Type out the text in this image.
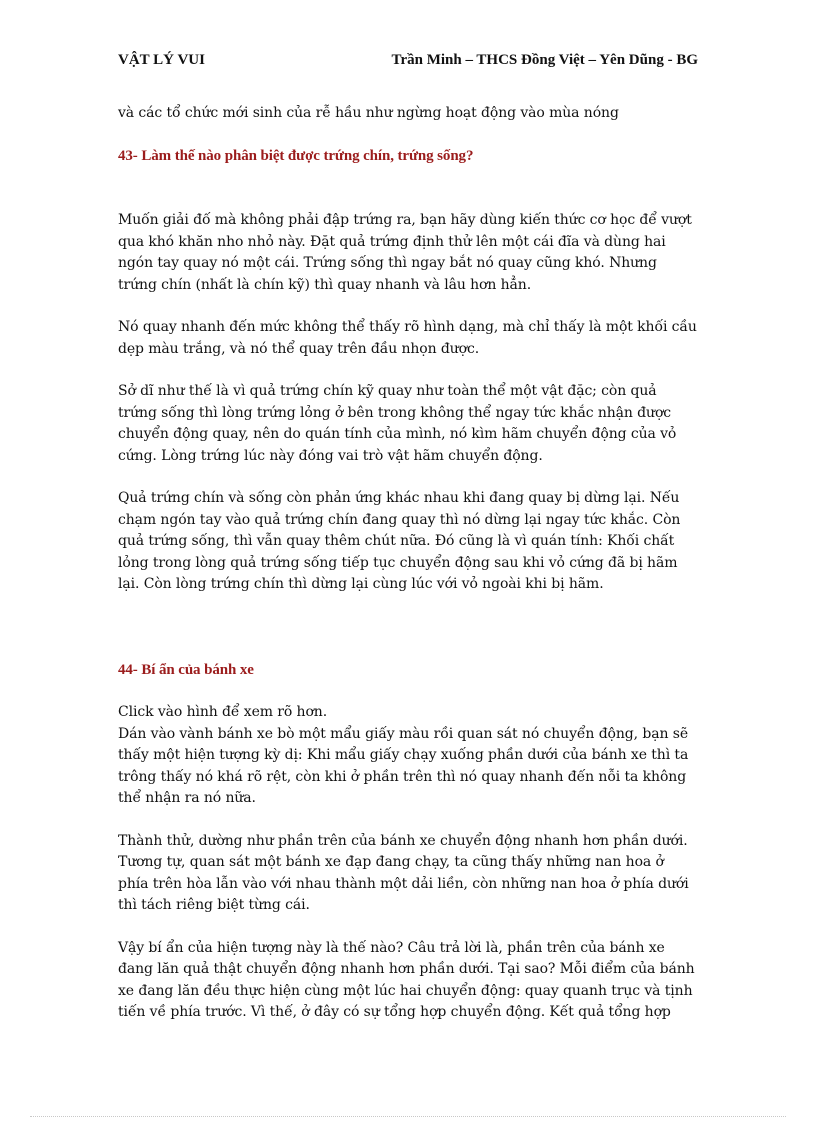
VẬT LÝ VUI	Trần Minh – THCS Đồng Việt – Yên Dũng - BG

và các tổ chức mới sinh của rễ hầu như ngừng hoạt động vào mùa nóng

43- Làm thế nào phân biệt được trứng chín, trứng sống?

Muốn giải đố mà không phải đập trứng ra, bạn hãy dùng kiến thức cơ học để vượt qua khó khăn nho nhỏ này. Đặt quả trứng định thử lên một cái đĩa và dùng hai ngón tay quay nó một cái. Trứng sống thì ngay bắt nó quay cũng khó. Nhưng trứng chín (nhất là chín kỹ) thì quay nhanh và lâu hơn hẳn.

Nó quay nhanh đến mức không thể thấy rõ hình dạng, mà chỉ thấy là một khối cầu dẹp màu trắng, và nó thể quay trên đầu nhọn được.

Sở dĩ như thế là vì quả trứng chín kỹ quay như toàn thể một vật đặc; còn quả trứng sống thì lòng trứng lỏng ở bên trong không thể ngay tức khắc nhận được chuyển động quay, nên do quán tính của mình, nó kìm hãm chuyển động của vỏ cứng. Lòng trứng lúc này đóng vai trò vật hãm chuyển động.

Quả trứng chín và sống còn phản ứng khác nhau khi đang quay bị dừng lại. Nếu chạm ngón tay vào quả trứng chín đang quay thì nó dừng lại ngay tức khắc. Còn quả trứng sống, thì vẫn quay thêm chút nữa. Đó cũng là vì quán tính: Khối chất lỏng trong lòng quả trứng sống tiếp tục chuyển động sau khi vỏ cứng đã bị hãm lại. Còn lòng trứng chín thì dừng lại cùng lúc với vỏ ngoài khi bị hãm.

44- Bí ẩn của bánh xe

Click vào hình để xem rõ hơn.

Dán vào vành bánh xe bò một mẩu giấy màu rồi quan sát nó chuyển động, bạn sẽ thấy một hiện tượng kỳ dị: Khi mẩu giấy chạy xuống phần dưới của bánh xe thì ta trông thấy nó khá rõ rệt, còn khi ở phần trên thì nó quay nhanh đến nỗi ta không thể nhận ra nó nữa.

Thành thử, dường như phần trên của bánh xe chuyển động nhanh hơn phần dưới. Tương tự, quan sát một bánh xe đạp đang chạy, ta cũng thấy những nan hoa ở phía trên hòa lẫn vào với nhau thành một dải liền, còn những nan hoa ở phía dưới thì tách riêng biệt từng cái.

Vậy bí ẩn của hiện tượng này là thế nào? Câu trả lời là, phần trên của bánh xe đang lăn quả thật chuyển động nhanh hơn phần dưới. Tại sao? Mỗi điểm của bánh xe đang lăn đều thực hiện cùng một lúc hai chuyển động: quay quanh trục và tịnh tiến về phía trước. Vì thế, ở đây có sự tổng hợp chuyển động. Kết quả tổng hợp
